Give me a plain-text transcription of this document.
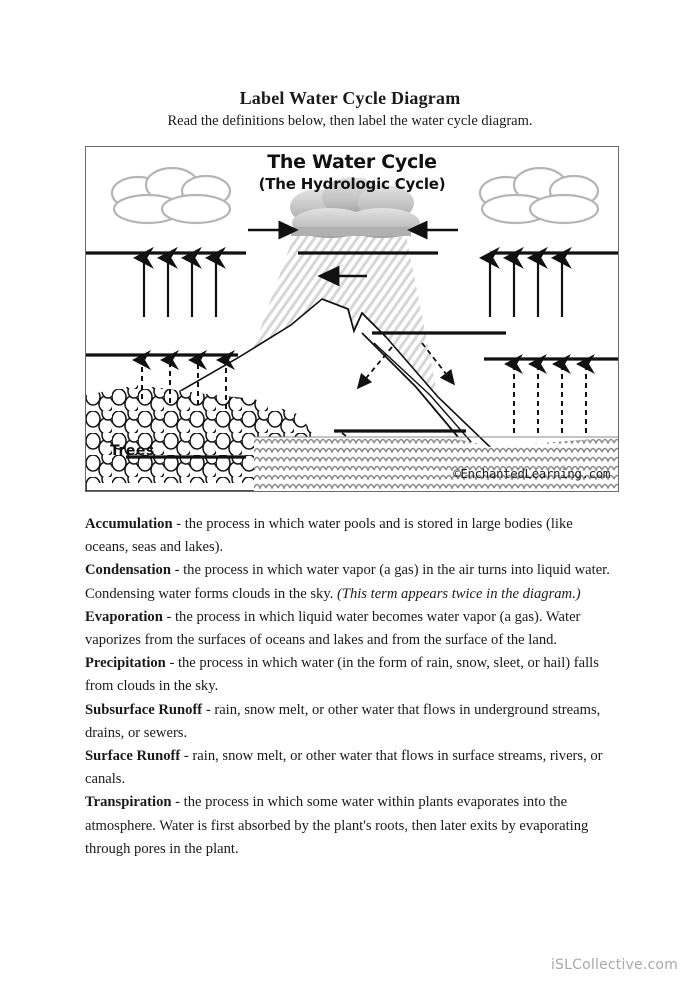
Label Water Cycle Diagram
Read the definitions below, then label the water cycle diagram.
The Water Cycle
(The Hydrologic Cycle)
Trees
©EnchantedLearning.com

Accumulation - the process in which water pools and is stored in large bodies (like oceans, seas and lakes).

Condensation - the process in which water vapor (a gas) in the air turns into liquid water. Condensing water forms clouds in the sky. (This term appears twice in the diagram.)

Evaporation - the process in which liquid water becomes water vapor (a gas). Water vaporizes from the surfaces of oceans and lakes and from the surface of the land.

Precipitation - the process in which water (in the form of rain, snow, sleet, or hail) falls from clouds in the sky.

Subsurface Runoff - rain, snow melt, or other water that flows in underground streams, drains, or sewers.

Surface Runoff - rain, snow melt, or other water that flows in surface streams, rivers, or canals.

Transpiration - the process in which some water within plants evaporates into the atmosphere. Water is first absorbed by the plant's roots, then later exits by evaporating through pores in the plant.

iSLCollective.com
